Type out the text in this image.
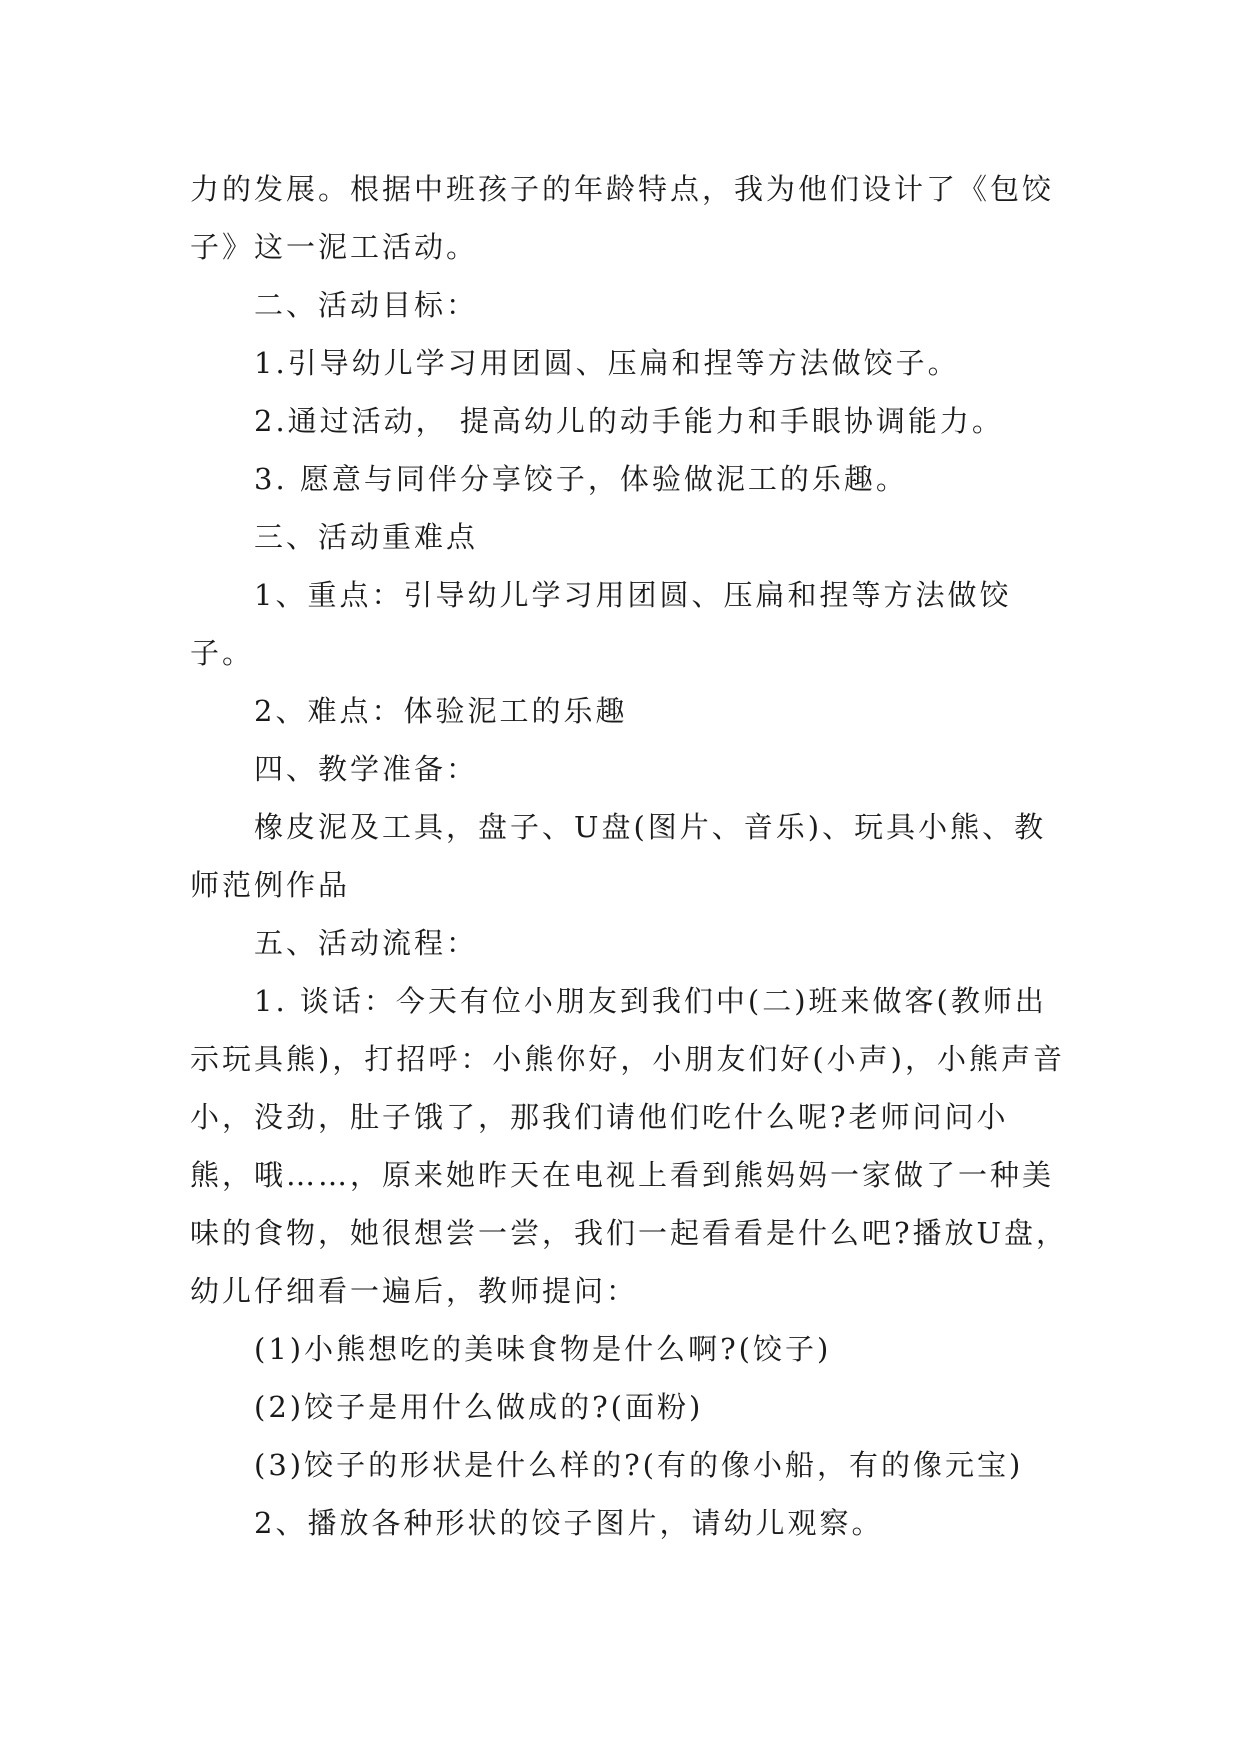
力的发展。根据中班孩子的年龄特点，我为他们设计了《包饺子》这一泥工活动。

二、活动目标：

1.引导幼儿学习用团圆、压扁和捏等方法做饺子。

2.通过活动， 提高幼儿的动手能力和手眼协调能力。

3. 愿意与同伴分享饺子，体验做泥工的乐趣。

三、活动重难点

1、重点：引导幼儿学习用团圆、压扁和捏等方法做饺子。

2、难点：体验泥工的乐趣

四、教学准备：

橡皮泥及工具，盘子、U盘(图片、音乐)、玩具小熊、教师范例作品

五、活动流程：

1. 谈话：今天有位小朋友到我们中(二)班来做客(教师出示玩具熊)，打招呼：小熊你好，小朋友们好(小声)，小熊声音小，没劲，肚子饿了，那我们请他们吃什么呢?老师问问小熊，哦……，原来她昨天在电视上看到熊妈妈一家做了一种美味的食物，她很想尝一尝，我们一起看看是什么吧?播放U盘，幼儿仔细看一遍后，教师提问：

(1)小熊想吃的美味食物是什么啊?(饺子)

(2)饺子是用什么做成的?(面粉)

(3)饺子的形状是什么样的?(有的像小船，有的像元宝)

2、播放各种形状的饺子图片，请幼儿观察。
